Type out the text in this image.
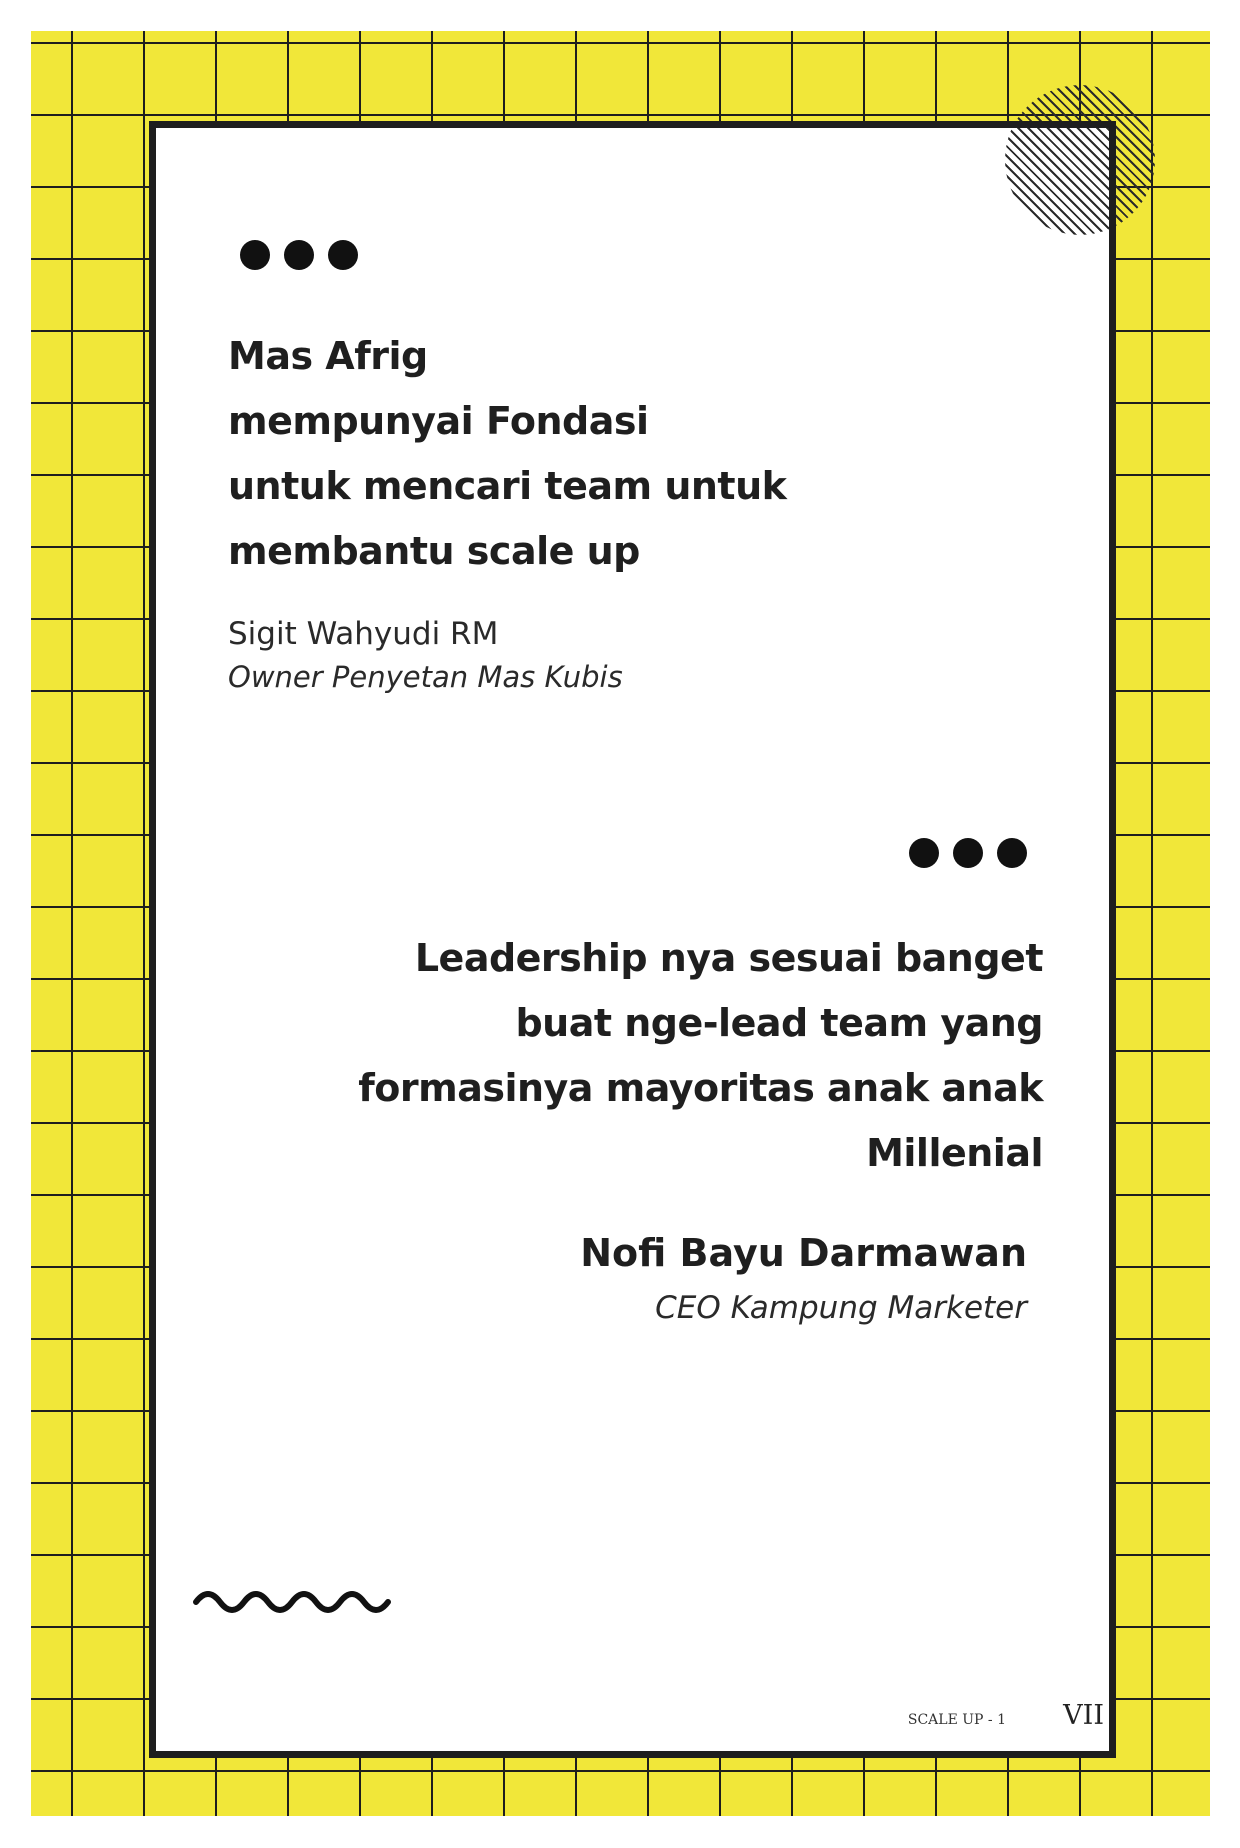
Mas Afrig
mempunyai Fondasi
untuk mencari team untuk
membantu scale up
Sigit Wahyudi RM
Owner Penyetan Mas Kubis
Leadership nya sesuai banget
buat nge-lead team yang
formasinya mayoritas anak anak
Millenial
Nofi Bayu Darmawan
CEO Kampung Marketer
SCALE UP - 1 VII
